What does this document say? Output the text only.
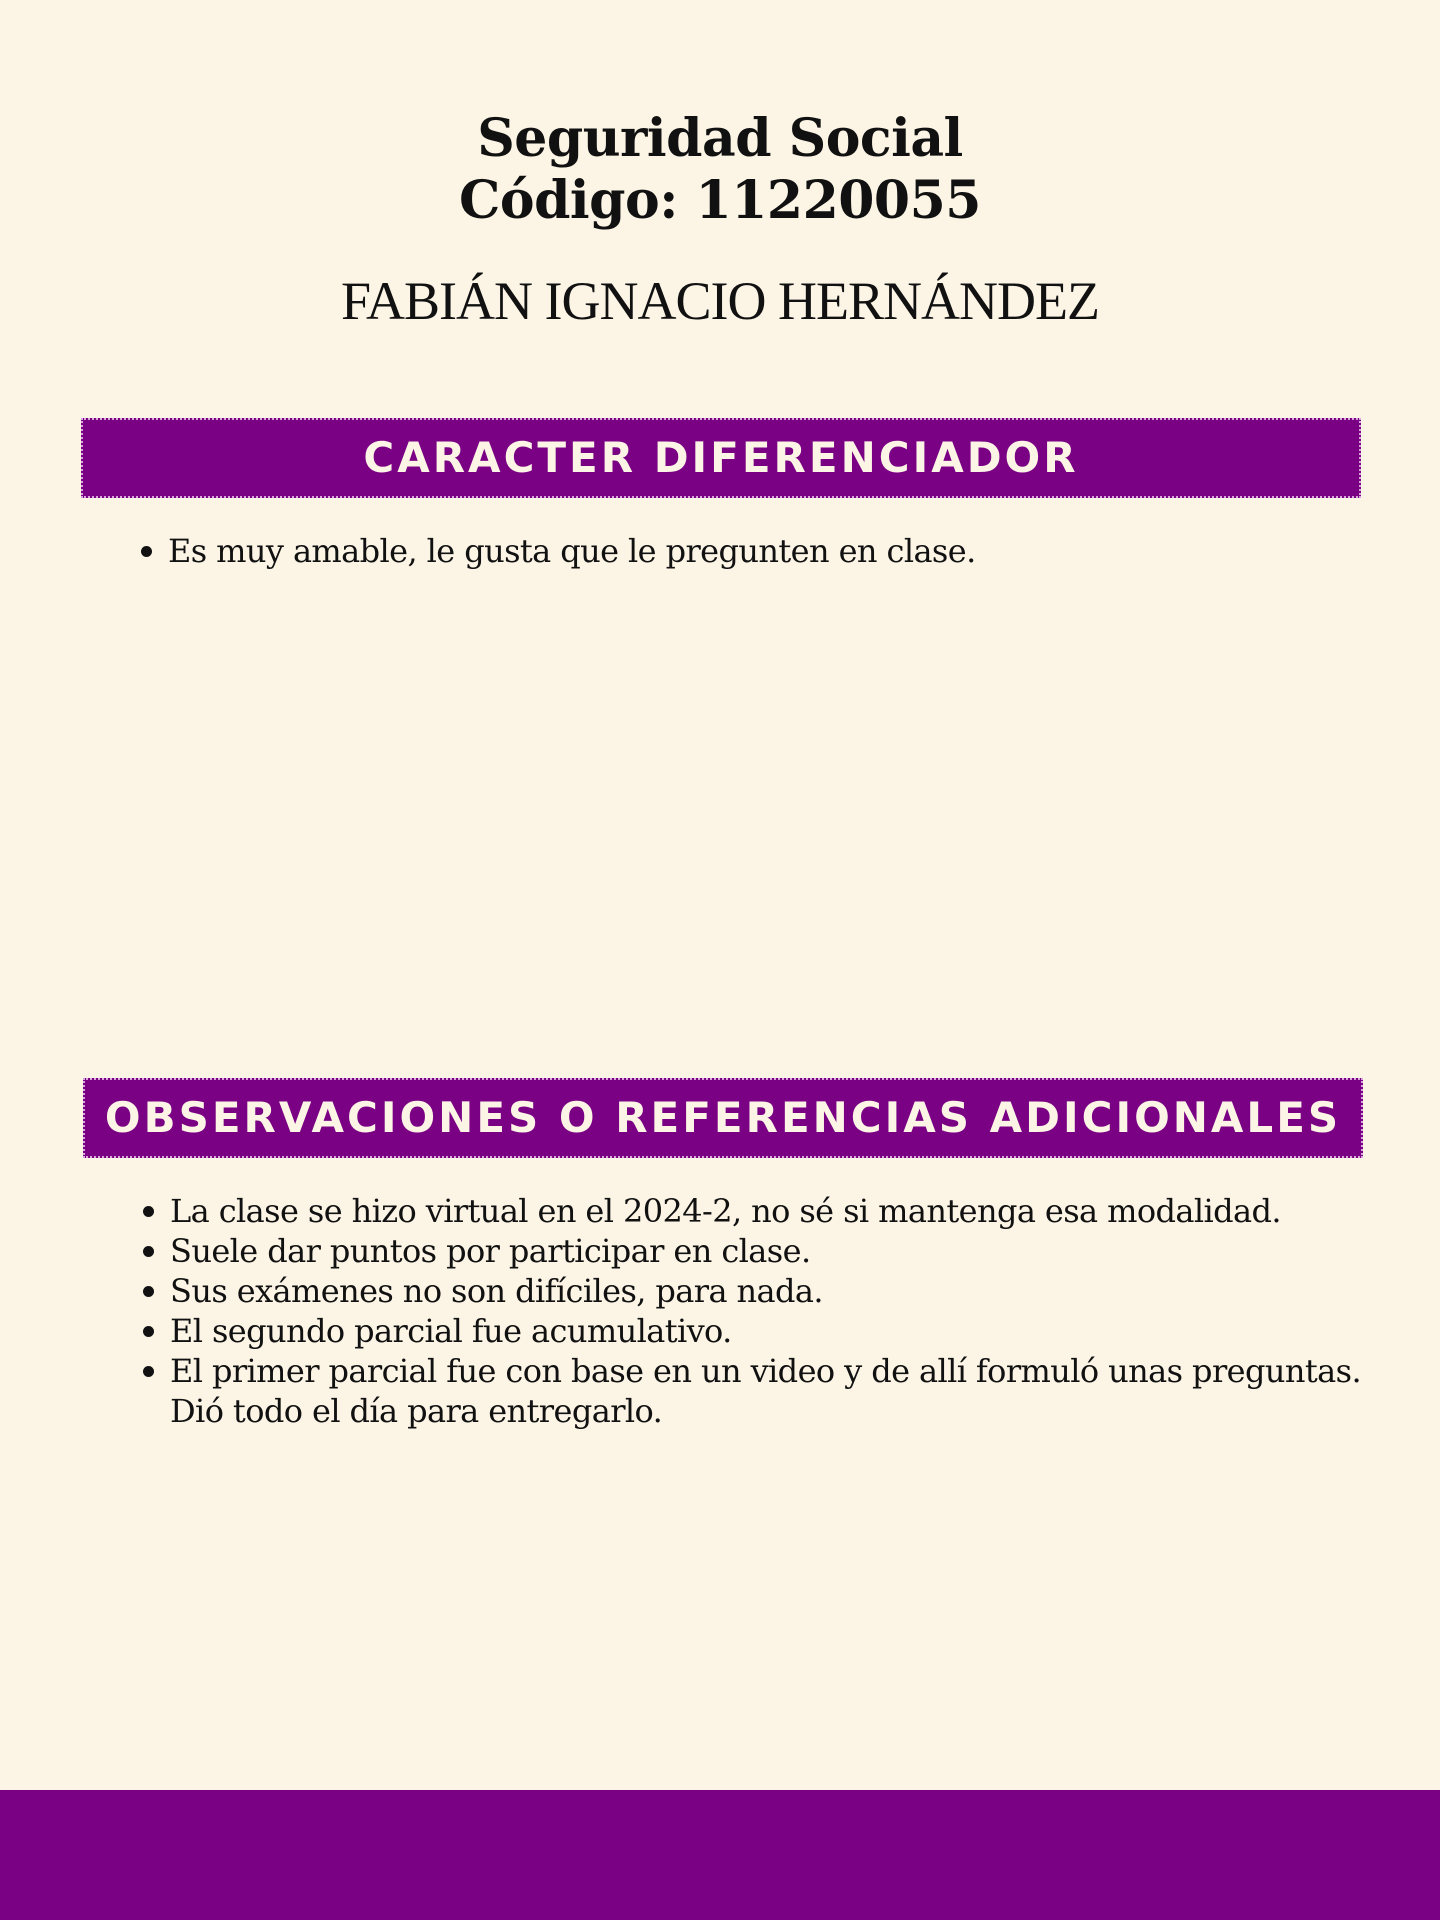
Seguridad Social
Código: 11220055
FABIÁN IGNACIO HERNÁNDEZ
CARACTER DIFERENCIADOR
Es muy amable, le gusta que le pregunten en clase.
OBSERVACIONES O REFERENCIAS ADICIONALES
La clase se hizo virtual en el 2024-2, no sé si mantenga esa modalidad.
Suele dar puntos por participar en clase.
Sus exámenes no son difíciles, para nada.
El segundo parcial fue acumulativo.
El primer parcial fue con base en un video y de allí formuló unas preguntas. Dió todo el día para entregarlo.
